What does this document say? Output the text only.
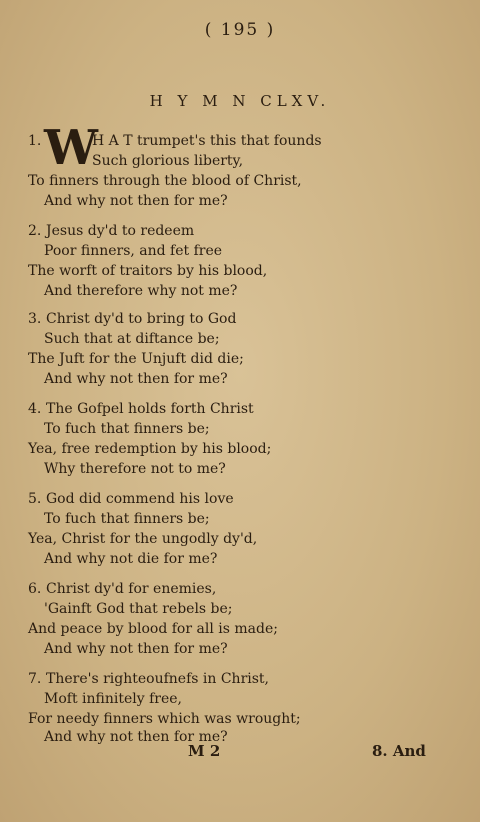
( 195 )
H Y M N CLXV.
1. W
H A T trumpet's this that founds
Such glorious liberty,
To finners through the blood of Christ,
And why not then for me?
2. Jesus dy'd to redeem
Poor finners, and fet free
The worft of traitors by his blood,
And therefore why not me?
3. Christ dy'd to bring to God
Such that at diftance be;
The Juft for the Unjuft did die;
And why not then for me?
4. The Gofpel holds forth Christ
To fuch that finners be;
Yea, free redemption by his blood;
Why therefore not to me?
5. God did commend his love
To fuch that finners be;
Yea, Christ for the ungodly dy'd,
And why not die for me?
6. Christ dy'd for enemies,
'Gainft God that rebels be;
And peace by blood for all is made;
And why not then for me?
7. There's righteoufnefs in Christ,
Moft infinitely free,
For needy finners which was wrought;
And why not then for me?
M 2	8. And
